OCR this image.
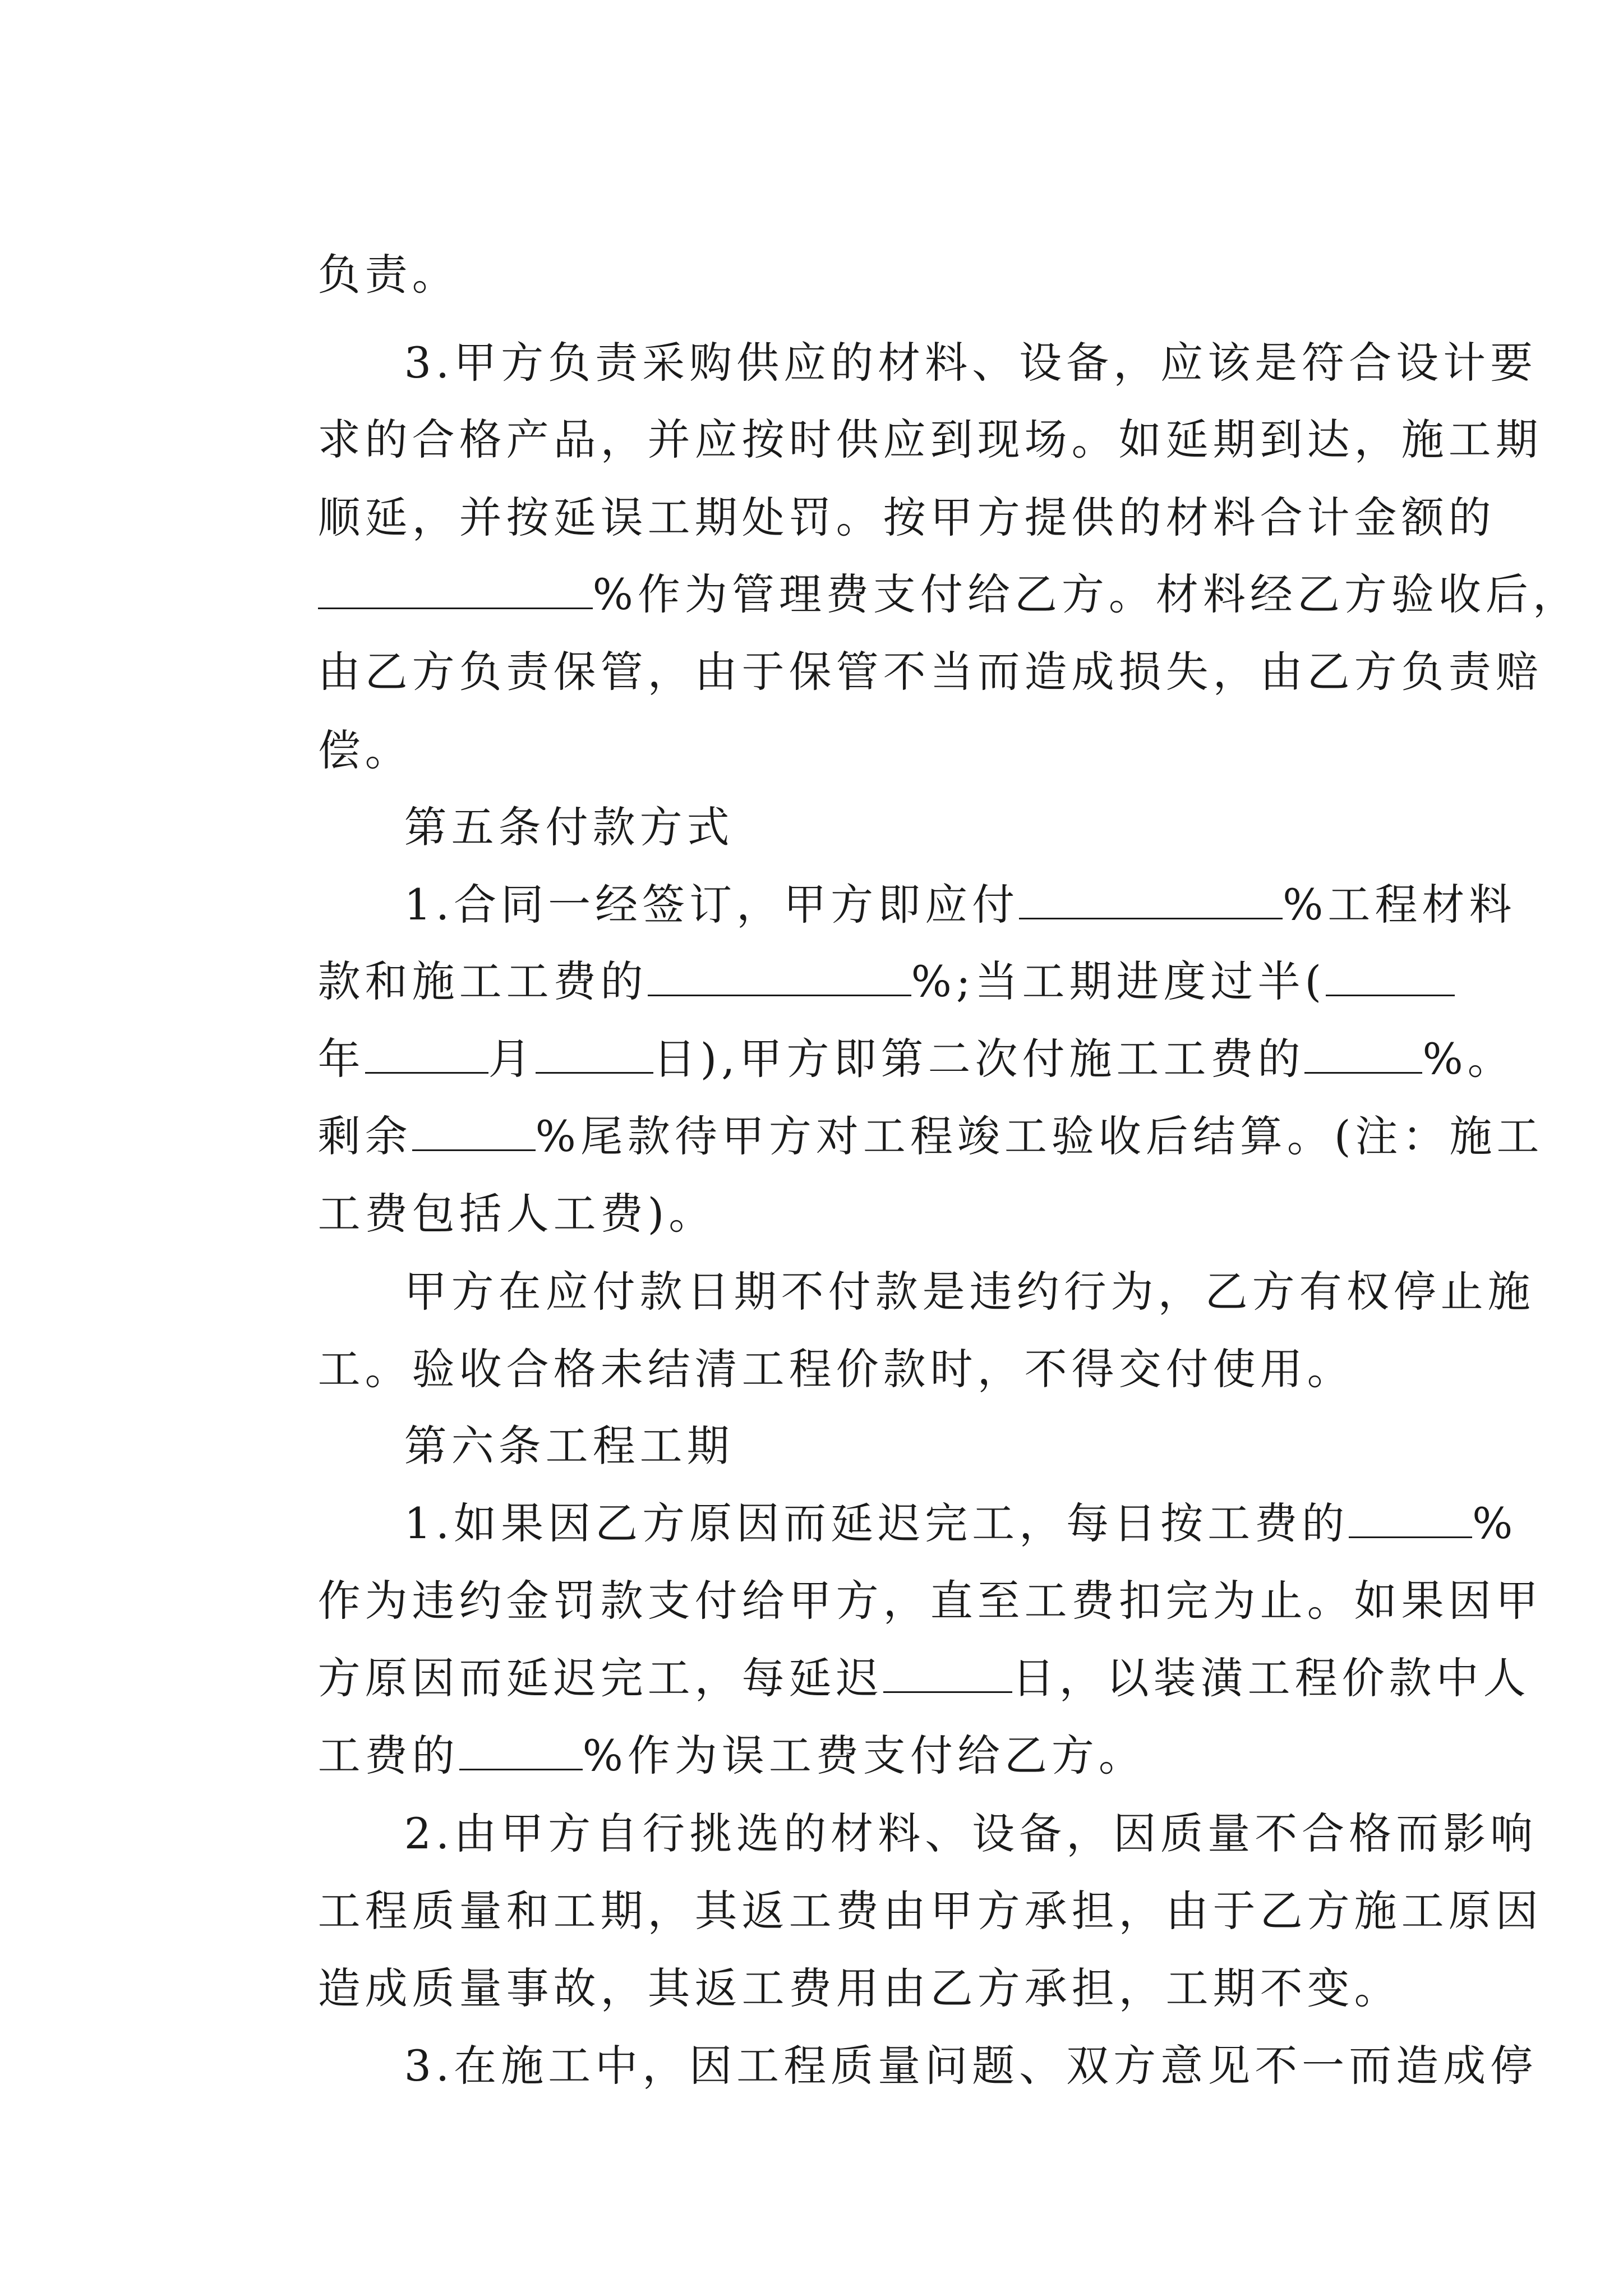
负责。

3.甲方负责采购供应的材料、设备，应该是符合设计要

求的合格产品，并应按时供应到现场。如延期到达，施工期

顺延，并按延误工期处罚。按甲方提供的材料合计金额的

%作为管理费支付给乙方。材料经乙方验收后，

由乙方负责保管，由于保管不当而造成损失，由乙方负责赔

偿。

第五条付款方式

1.合同一经签订，甲方即应付	%工程材料

款和施工工费的	%;当工期进度过半(

年	月	日),甲方即第二次付施工工费的	%。

剩余	%尾款待甲方对工程竣工验收后结算。(注：施工

工费包括人工费)。

甲方在应付款日期不付款是违约行为，乙方有权停止施

工。验收合格未结清工程价款时，不得交付使用。

第六条工程工期

1.如果因乙方原因而延迟完工，每日按工费的	%

作为违约金罚款支付给甲方，直至工费扣完为止。如果因甲

方原因而延迟完工，每延迟	日，以装潢工程价款中人

工费的	%作为误工费支付给乙方。

2.由甲方自行挑选的材料、设备，因质量不合格而影响

工程质量和工期，其返工费由甲方承担，由于乙方施工原因

造成质量事故，其返工费用由乙方承担，工期不变。

3.在施工中，因工程质量问题、双方意见不一而造成停
